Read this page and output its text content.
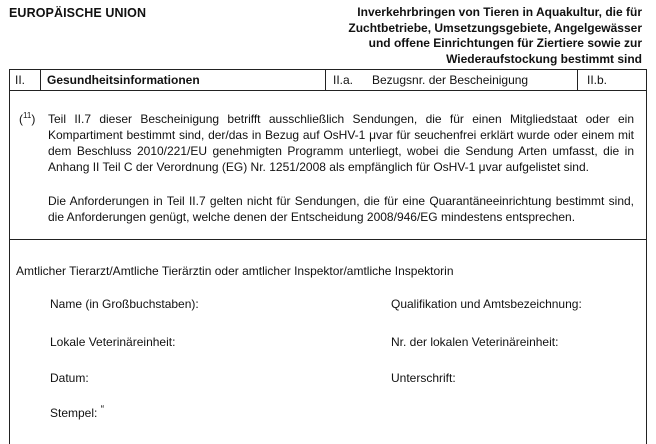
EUROPÄISCHE UNION	Inverkehrbringen von Tieren in Aquakultur, die für
Zuchtbetriebe, Umsetzungsgebiete, Angelgewässer
und offene Einrichtungen für Ziertiere sowie zur
Wiederaufstockung bestimmt sind
II. Gesundheitsinformationen	II.a. Bezugsnr. der Bescheinigung	II.b.
($^{11}$) Teil II.7 dieser Bescheinigung betrifft ausschließlich Sendungen, die für einen Mitgliedstaat oder ein Kompartiment bestimmt sind, der/das in Bezug auf OsHV-1 μvar für seuchenfrei erklärt wurde oder einem mit dem Beschluss 2010/221/EU genehmigten Programm unterliegt, wobei die Sendung Arten umfasst, die in Anhang II Teil C der Verordnung (EG) Nr. 1251/2008 als empfänglich für OsHV-1 μvar aufgelistet sind.
Die Anforderungen in Teil II.7 gelten nicht für Sendungen, die für eine Quarantäneeinrichtung bestimmt sind, die Anforderungen genügt, welche denen der Entscheidung 2008/946/EG mindestens entsprechen.
Amtlicher Tierarzt/Amtliche Tierärztin oder amtlicher Inspektor/amtliche Inspektorin
Name (in Großbuchstaben):	Qualifikation und Amtsbezeichnung:
Lokale Veterinäreinheit:	Nr. der lokalen Veterinäreinheit:
Datum:	Unterschrift:
Stempel: “
